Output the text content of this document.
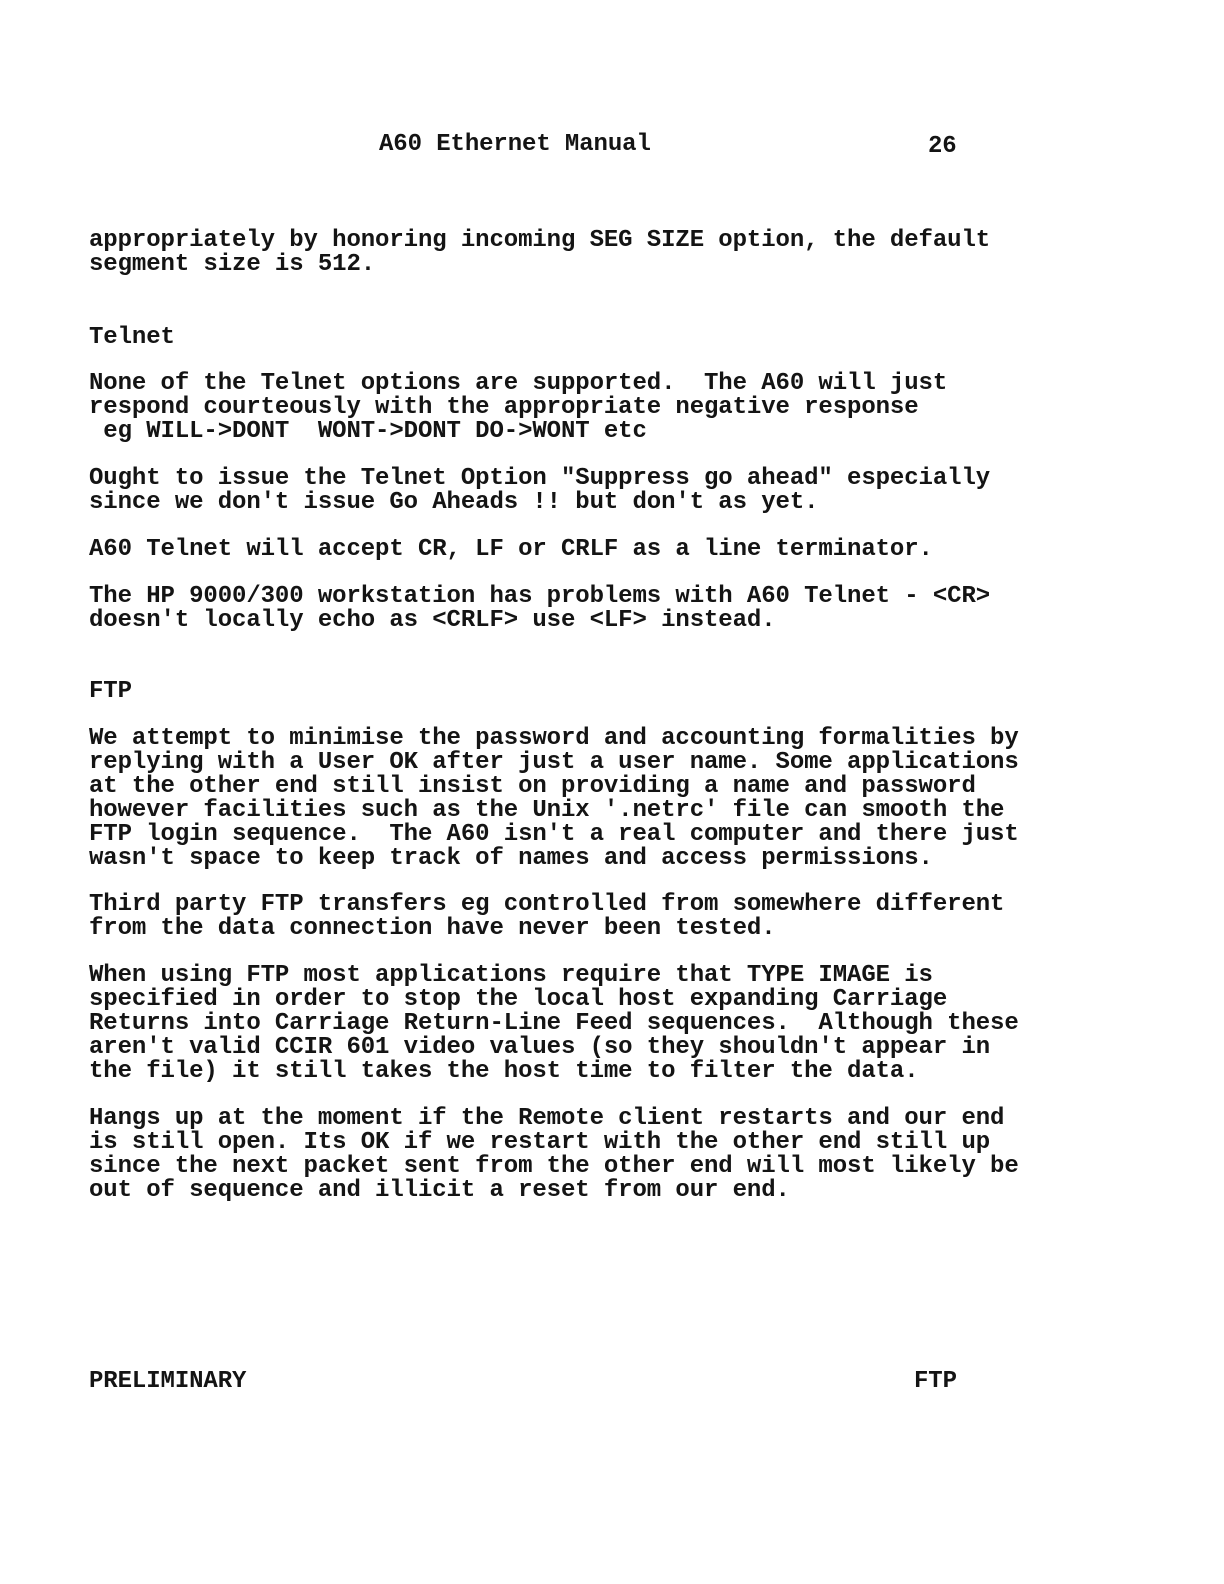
A60 Ethernet Manual	26
appropriately by honoring incoming SEG SIZE option, the default
segment size is 512.
Telnet
None of the Telnet options are supported.  The A60 will just
respond courteously with the appropriate negative response
eg WILL->DONT  WONT->DONT DO->WONT etc
Ought to issue the Telnet Option "Suppress go ahead" especially
since we don't issue Go Aheads !! but don't as yet.
A60 Telnet will accept CR, LF or CRLF as a line terminator.
The HP 9000/300 workstation has problems with A60 Telnet - <CR>
doesn't locally echo as <CRLF> use <LF> instead.
FTP
We attempt to minimise the password and accounting formalities by
replying with a User OK after just a user name. Some applications
at the other end still insist on providing a name and password
however facilities such as the Unix '.netrc' file can smooth the
FTP login sequence.  The A60 isn't a real computer and there just
wasn't space to keep track of names and access permissions.
Third party FTP transfers eg controlled from somewhere different
from the data connection have never been tested.
When using FTP most applications require that TYPE IMAGE is
specified in order to stop the local host expanding Carriage
Returns into Carriage Return-Line Feed sequences.  Although these
aren't valid CCIR 601 video values (so they shouldn't appear in
the file) it still takes the host time to filter the data.
Hangs up at the moment if the Remote client restarts and our end
is still open. Its OK if we restart with the other end still up
since the next packet sent from the other end will most likely be
out of sequence and illicit a reset from our end.
PRELIMINARY	FTP
